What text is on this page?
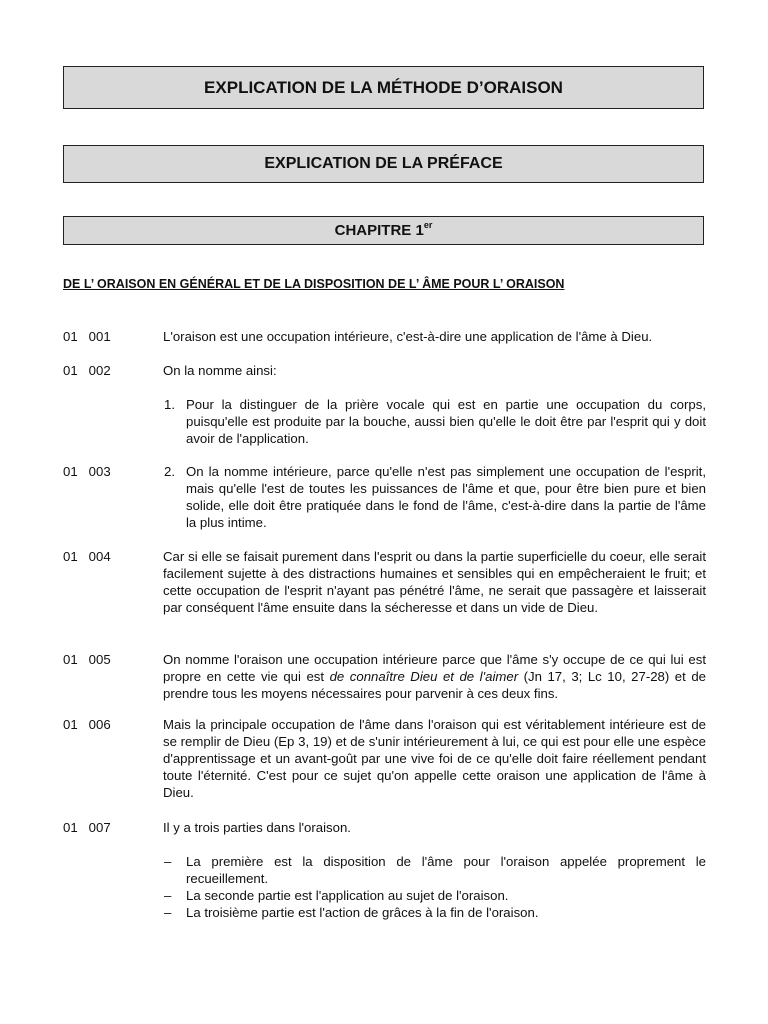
EXPLICATION DE LA MÉTHODE D’ORAISON
EXPLICATION DE LA PRÉFACE
CHAPITRE 1er
DE L’ ORAISON EN GÉNÉRAL ET DE LA DISPOSITION DE L’ ÂME POUR L’ ORAISON
01   001	L'oraison est une occupation intérieure, c'est-à-dire une application de l'âme à Dieu.
01   002	On la nomme ainsi:
1. Pour la distinguer de la prière vocale qui est en partie une occupation du corps, puisqu'elle est produite par la bouche, aussi bien qu'elle le doit être par l'esprit qui y doit avoir de l'application.
01   003	2. On la nomme intérieure, parce qu'elle n'est pas simplement une occupation de l'esprit, mais qu'elle l'est de toutes les puissances de l'âme et que, pour être bien pure et bien solide, elle doit être pratiquée dans le fond de l'âme, c'est-à-dire dans la partie de l'âme la plus intime.
01   004	Car si elle se faisait purement dans l'esprit ou dans la partie superficielle du coeur, elle serait facilement sujette à des distractions humaines et sensibles qui en empêcheraient le fruit; et cette occupation de l'esprit n'ayant pas pénétré l'âme, ne serait que passagère et laisserait par conséquent l'âme ensuite dans la sécheresse et dans un vide de Dieu.
01   005	On nomme l'oraison une occupation intérieure parce que l'âme s'y occupe de ce qui lui est propre en cette vie qui est de connaître Dieu et de l'aimer (Jn 17, 3; Lc 10, 27-28) et de prendre tous les moyens nécessaires pour parvenir à ces deux fins.
01   006	Mais la principale occupation de l'âme dans l'oraison qui est véritablement intérieure est de se remplir de Dieu (Ep 3, 19) et de s'unir intérieurement à lui, ce qui est pour elle une espèce d'apprentissage et un avant-goût par une vive foi de ce qu'elle doit faire réellement pendant toute l'éternité. C'est pour ce sujet qu'on appelle cette oraison une application de l'âme à Dieu.
01   007	Il y a trois parties dans l'oraison.
– La première est la disposition de l'âme pour l'oraison appelée proprement le recueillement.
– La seconde partie est l'application au sujet de l'oraison.
– La troisième partie est l'action de grâces à la fin de l'oraison.
